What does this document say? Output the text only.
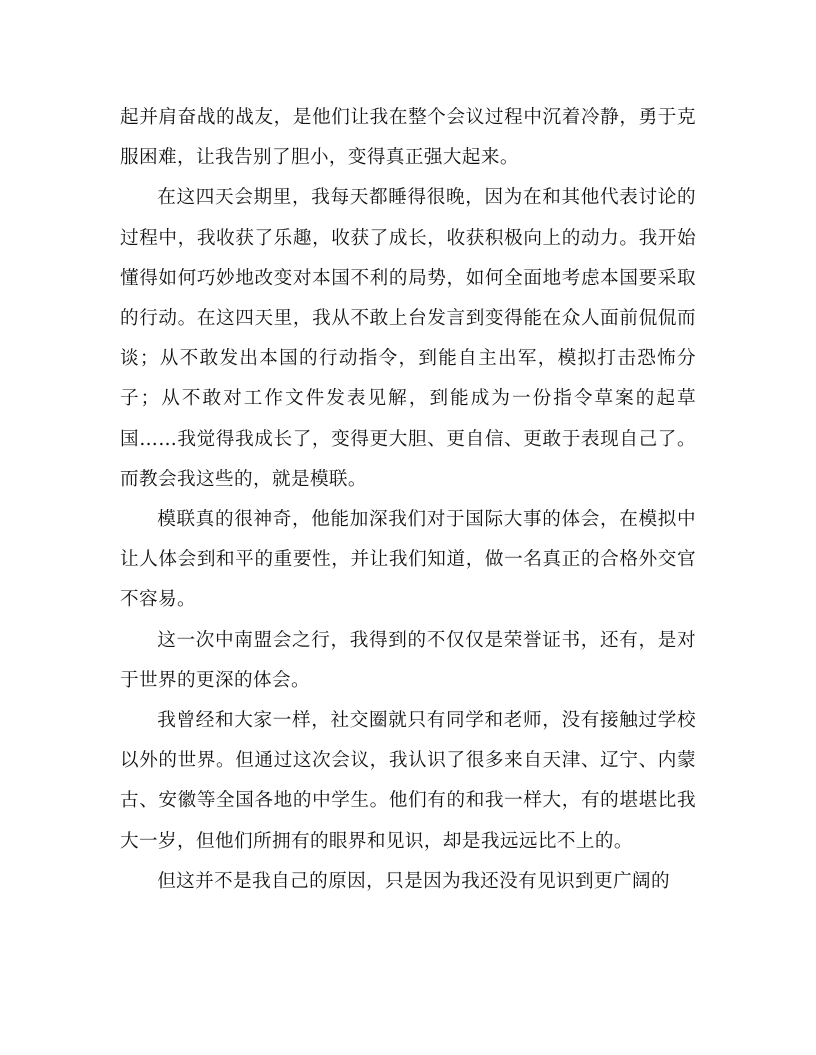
起并肩奋战的战友，是他们让我在整个会议过程中沉着冷静，勇于克服困难，让我告别了胆小，变得真正强大起来。

在这四天会期里，我每天都睡得很晚，因为在和其他代表讨论的过程中，我收获了乐趣，收获了成长，收获积极向上的动力。我开始懂得如何巧妙地改变对本国不利的局势，如何全面地考虑本国要采取的行动。在这四天里，我从不敢上台发言到变得能在众人面前侃侃而谈；从不敢发出本国的行动指令，到能自主出军，模拟打击恐怖分子；从不敢对工作文件发表见解，到能成为一份指令草案的起草国……我觉得我成长了，变得更大胆、更自信、更敢于表现自己了。而教会我这些的，就是模联。

模联真的很神奇，他能加深我们对于国际大事的体会，在模拟中让人体会到和平的重要性，并让我们知道，做一名真正的合格外交官不容易。

这一次中南盟会之行，我得到的不仅仅是荣誉证书，还有，是对于世界的更深的体会。

我曾经和大家一样，社交圈就只有同学和老师，没有接触过学校以外的世界。但通过这次会议，我认识了很多来自天津、辽宁、内蒙古、安徽等全国各地的中学生。他们有的和我一样大，有的堪堪比我大一岁，但他们所拥有的眼界和见识，却是我远远比不上的。

但这并不是我自己的原因，只是因为我还没有见识到更广阔的
